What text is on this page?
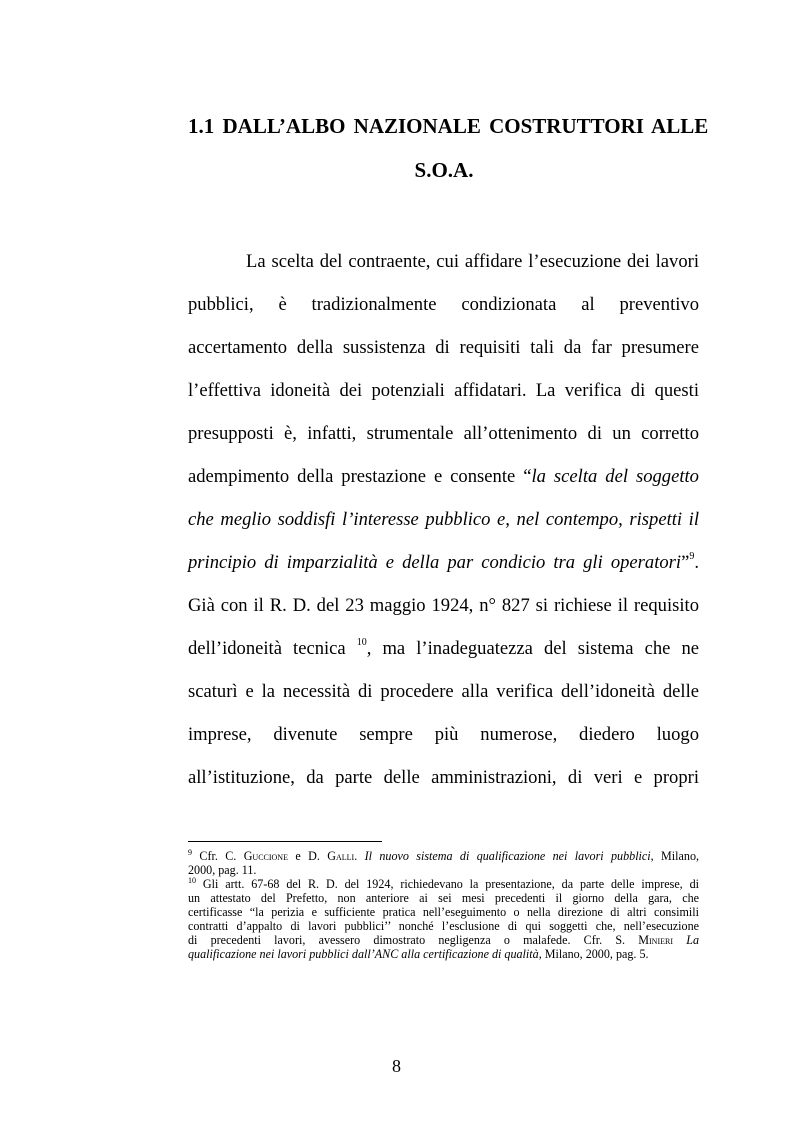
1.1 DALL’ALBO NAZIONALE COSTRUTTORI ALLE
S.O.A.
La scelta del contraente, cui affidare l’esecuzione dei lavori
pubblici, è tradizionalmente condizionata al preventivo
accertamento della sussistenza di requisiti tali da far presumere
l’effettiva idoneità dei potenziali affidatari. La verifica di questi
presupposti è, infatti, strumentale all’ottenimento di un corretto
adempimento della prestazione e consente “la scelta del soggetto
che meglio soddisfi l’interesse pubblico e, nel contempo, rispetti il
principio di imparzialità e della par condicio tra gli operatori”$^9$.
Già con il R. D. del 23 maggio 1924, n° 827 si richiese il requisito
dell’idoneità tecnica $^{10}$, ma l’inadeguatezza del sistema che ne
scaturì e la necessità di procedere alla verifica dell’idoneità delle
imprese, divenute sempre più numerose, diedero luogo
all’istituzione, da parte delle amministrazioni, di veri e propri
$^9$ Cfr. C. Guccione e D. Galli. Il nuovo sistema di qualificazione nei lavori pubblici, Milano,
2000, pag. 11.
$^{10}$ Gli artt. 67-68 del R. D. del 1924, richiedevano la presentazione, da parte delle imprese, di
un attestato del Prefetto, non anteriore ai sei mesi precedenti il giorno della gara, che
certificasse “la perizia e sufficiente pratica nell’eseguimento o nella direzione di altri consimili
contratti d’appalto di lavori pubblici’’ nonché l’esclusione di qui soggetti che, nell’esecuzione
di precedenti lavori, avessero dimostrato negligenza o malafede. Cfr. S. Minieri La
qualificazione nei lavori pubblici dall’ANC alla certificazione di qualità, Milano, 2000, pag. 5.
8
